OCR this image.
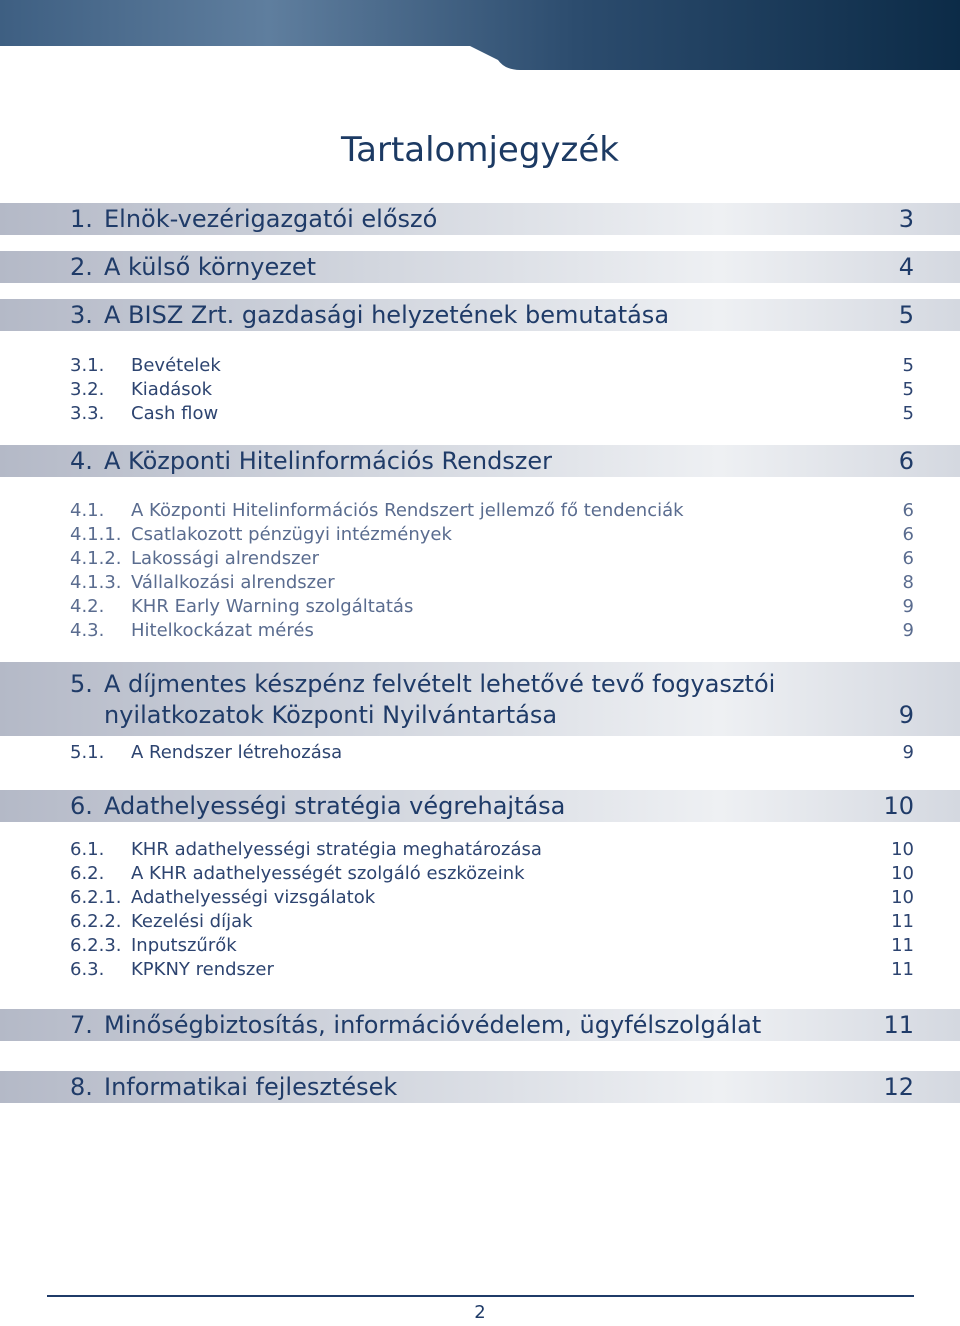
Tartalomjegyzék
1. Elnök-vezérigazgatói előszó	3
2. A külső környezet	4
3. A BISZ Zrt. gazdasági helyzetének bemutatása	5
3.1. Bevételek	5
3.2. Kiadások	5
3.3. Cash flow	5
4. A Központi Hitelinformációs Rendszer	6
4.1. A Központi Hitelinformációs Rendszert jellemző fő tendenciák	6
4.1.1. Csatlakozott pénzügyi intézmények	6
4.1.2. Lakossági alrendszer	6
4.1.3. Vállalkozási alrendszer	8
4.2. KHR Early Warning szolgáltatás	9
4.3. Hitelkockázat mérés	9
5. A díjmentes készpénz felvételt lehetővé tevő fogyasztói
nyilatkozatok Központi Nyilvántartása	9
5.1. A Rendszer létrehozása	9
6. Adathelyességi stratégia végrehajtása	10
6.1. KHR adathelyességi stratégia meghatározása	10
6.2. A KHR adathelyességét szolgáló eszközeink	10
6.2.1. Adathelyességi vizsgálatok	10
6.2.2. Kezelési díjak	11
6.2.3. Inputszűrők	11
6.3. KPKNY rendszer	11
7. Minőségbiztosítás, információvédelem, ügyfélszolgálat	11
8. Informatikai fejlesztések	12
2
